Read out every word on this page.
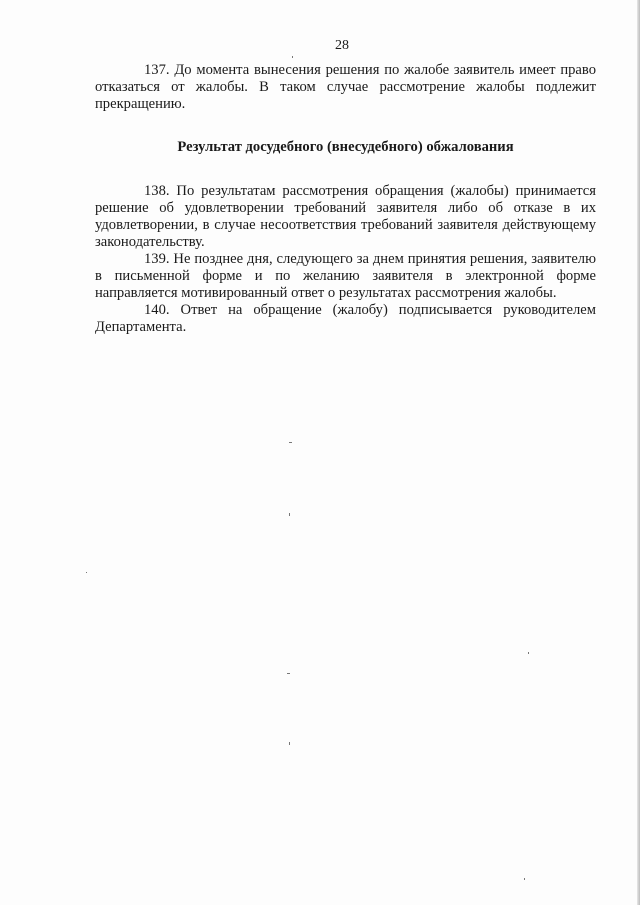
28

137. До момента вынесения решения по жалобе заявитель имеет право отказаться от жалобы. В таком случае рассмотрение жалобы подлежит прекращению.

Результат досудебного (внесудебного) обжалования

138. По результатам рассмотрения обращения (жалобы) принимается решение об удовлетворении требований заявителя либо об отказе в их удовлетворении, в случае несоответствия требований заявителя действующему законодательству.

139. Не позднее дня, следующего за днем принятия решения, заявителю в письменной форме и по желанию заявителя в электронной форме направляется мотивированный ответ о результатах рассмотрения жалобы.

140. Ответ на обращение (жалобу) подписывается руководителем Департамента.
